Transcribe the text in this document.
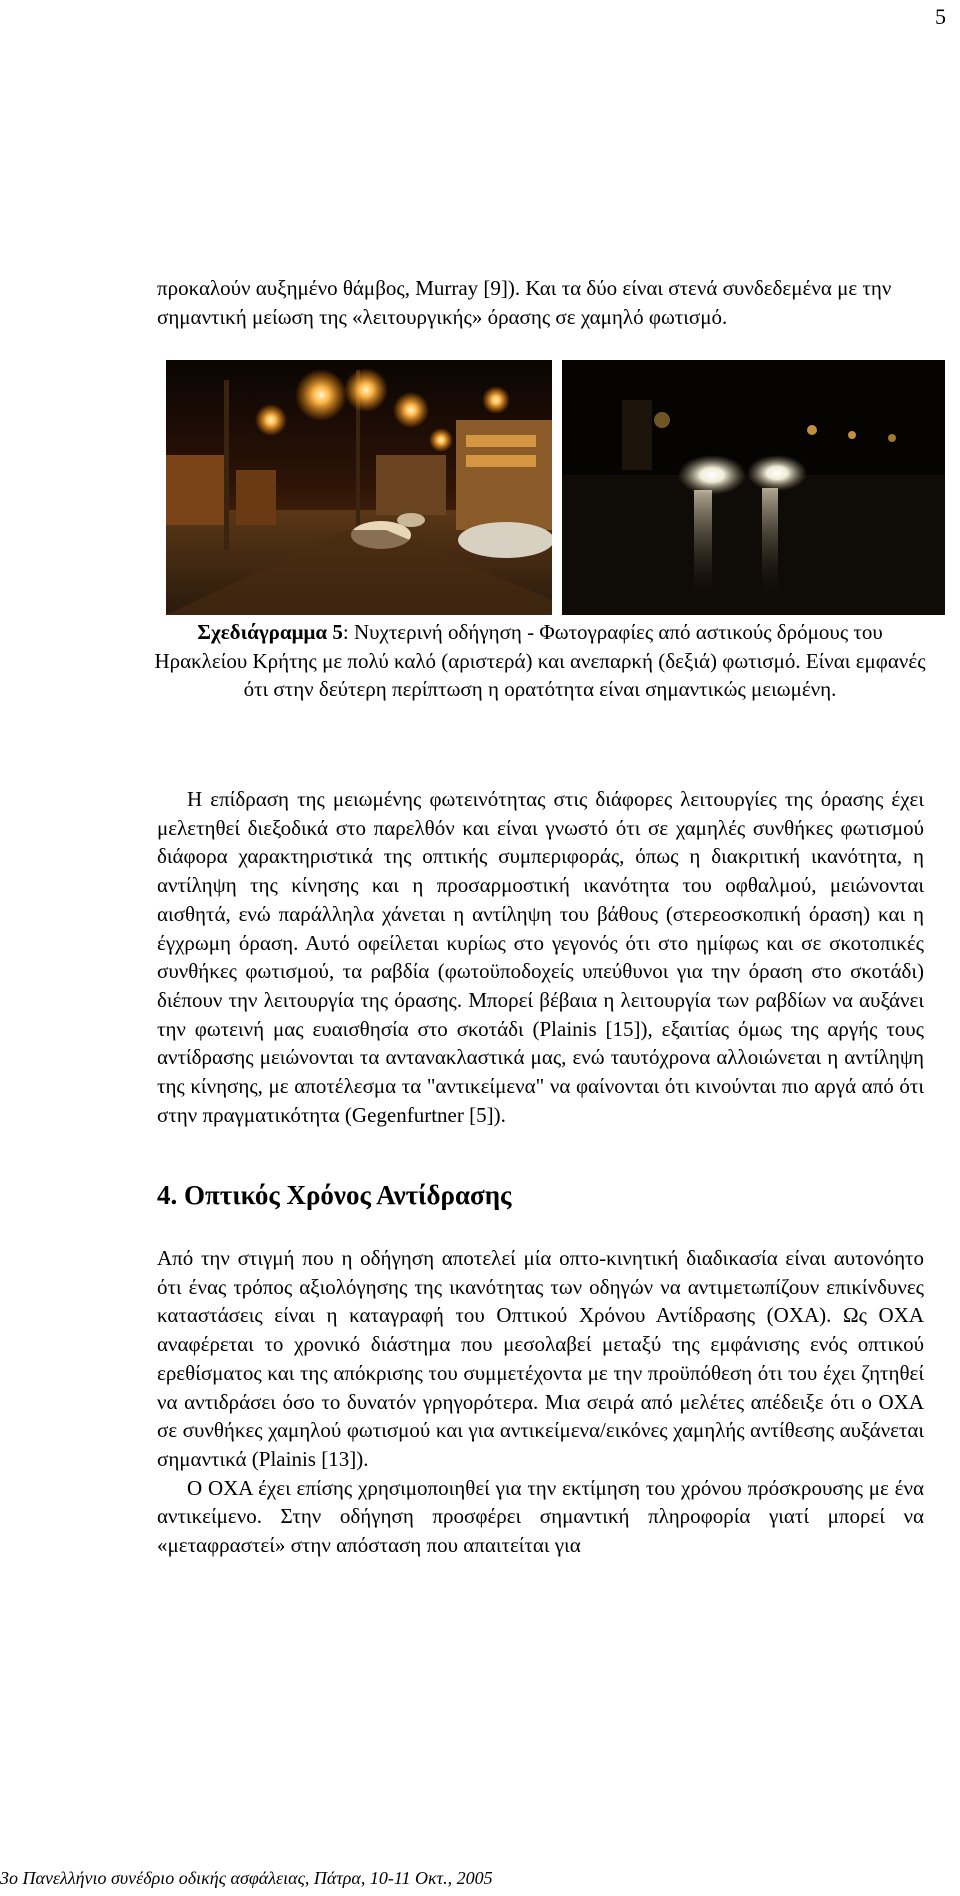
5
προκαλούν αυξημένο θάμβος, Murray [9]). Και τα δύο είναι στενά συνδεδεμένα με την σημαντική μείωση της «λειτουργικής» όρασης σε χαμηλό φωτισμό.
Σχεδιάγραμμα 5: Νυχτερινή οδήγηση - Φωτογραφίες από αστικούς δρόμους του Ηρακλείου Κρήτης με πολύ καλό (αριστερά) και ανεπαρκή (δεξιά) φωτισμό. Είναι εμφανές ότι στην δεύτερη περίπτωση η ορατότητα είναι σημαντικώς μειωμένη.

Η επίδραση της μειωμένης φωτεινότητας στις διάφορες λειτουργίες της όρασης έχει μελετηθεί διεξοδικά στο παρελθόν και είναι γνωστό ότι σε χαμηλές συνθήκες φωτισμού διάφορα χαρακτηριστικά της οπτικής συμπεριφοράς, όπως η διακριτική ικανότητα, η αντίληψη της κίνησης και η προσαρμοστική ικανότητα του οφθαλμού, μειώνονται αισθητά, ενώ παράλληλα χάνεται η αντίληψη του βάθους (στερεοσκοπική όραση) και η έγχρωμη όραση. Αυτό οφείλεται κυρίως στο γεγονός ότι στο ημίφως και σε σκοτοπικές συνθήκες φωτισμού, τα ραβδία (φωτοϋποδοχείς υπεύθυνοι για την όραση στο σκοτάδι) διέπουν την λειτουργία της όρασης. Μπορεί βέβαια η λειτουργία των ραβδίων να αυξάνει την φωτεινή μας ευαισθησία στο σκοτάδι (Plainis [15]), εξαιτίας όμως της αργής τους αντίδρασης μειώνονται τα αντανακλαστικά μας, ενώ ταυτόχρονα αλλοιώνεται η αντίληψη της κίνησης, με αποτέλεσμα τα "αντικείμενα" να φαίνονται ότι κινούνται πιο αργά από ότι στην πραγματικότητα (Gegenfurtner [5]).

4. Οπτικός Χρόνος Αντίδρασης

Από την στιγμή που η οδήγηση αποτελεί μία οπτο-κινητική διαδικασία είναι αυτονόητο ότι ένας τρόπος αξιολόγησης της ικανότητας των οδηγών να αντιμετωπίζουν επικίνδυνες καταστάσεις είναι η καταγραφή του Οπτικού Χρόνου Αντίδρασης (ΟΧΑ). Ως ΟΧΑ αναφέρεται το χρονικό διάστημα που μεσολαβεί μεταξύ της εμφάνισης ενός οπτικού ερεθίσματος και της απόκρισης του συμμετέχοντα με την προϋπόθεση ότι του έχει ζητηθεί να αντιδράσει όσο το δυνατόν γρηγορότερα. Μια σειρά από μελέτες απέδειξε ότι ο ΟΧΑ σε συνθήκες χαμηλού φωτισμού και για αντικείμενα/εικόνες χαμηλής αντίθεσης αυξάνεται σημαντικά (Plainis [13]).

Ο ΟΧΑ έχει επίσης χρησιμοποιηθεί για την εκτίμηση του χρόνου πρόσκρουσης με ένα αντικείμενο. Στην οδήγηση προσφέρει σημαντική πληροφορία γιατί μπορεί να «μεταφραστεί» στην απόσταση που απαιτείται για

3ο Πανελλήνιο συνέδριο οδικής ασφάλειας, Πάτρα, 10-11 Οκτ., 2005
